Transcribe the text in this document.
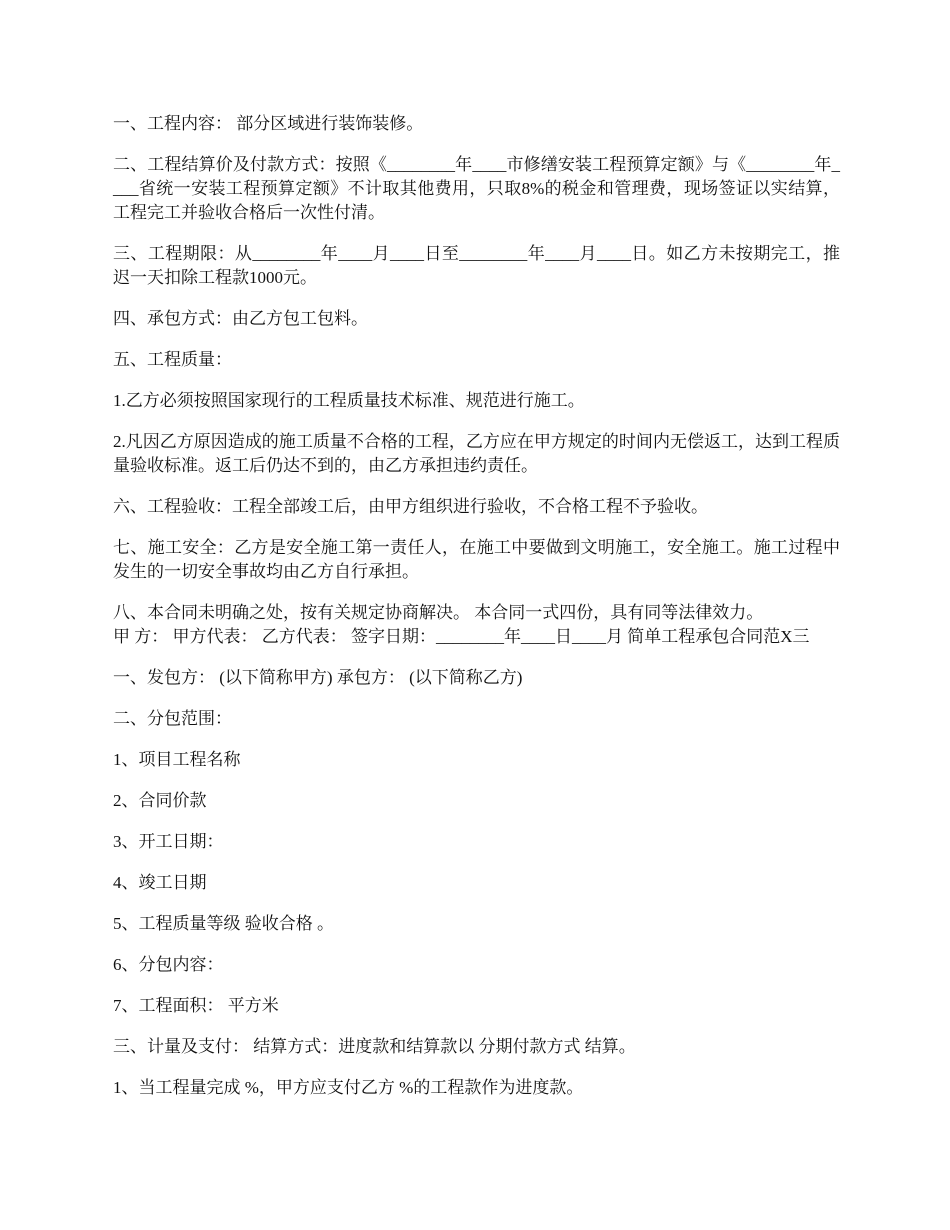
一、工程内容： 部分区域进行装饰装修。

二、工程结算价及付款方式：按照《________年____市修缮安装工程预算定额》与《________年____省统一安装工程预算定额》不计取其他费用，只取8%的税金和管理费，现场签证以实结算，工程完工并验收合格后一次性付清。

三、工程期限：从________年____月____日至________年____月____日。如乙方未按期完工，推迟一天扣除工程款1000元。

四、承包方式：由乙方包工包料。

五、工程质量：

1.乙方必须按照国家现行的工程质量技术标准、规范进行施工。

2.凡因乙方原因造成的施工质量不合格的工程，乙方应在甲方规定的时间内无偿返工，达到工程质量验收标准。返工后仍达不到的，由乙方承担违约责任。

六、工程验收：工程全部竣工后，由甲方组织进行验收，不合格工程不予验收。

七、施工安全：乙方是安全施工第一责任人，在施工中要做到文明施工，安全施工。施工过程中发生的一切安全事故均由乙方自行承担。

八、本合同未明确之处，按有关规定协商解决。 本合同一式四份，具有同等法律效力。

甲 方： 甲方代表： 乙方代表： 签字日期：________年____日____月 简单工程承包合同范X三

一、发包方： (以下简称甲方) 承包方： (以下简称乙方)

二、分包范围：

1、项目工程名称

2、合同价款

3、开工日期：

4、竣工日期

5、工程质量等级 验收合格 。

6、分包内容：

7、工程面积： 平方米

三、计量及支付： 结算方式：进度款和结算款以 分期付款方式 结算。

1、当工程量完成 %，甲方应支付乙方 %的工程款作为进度款。
